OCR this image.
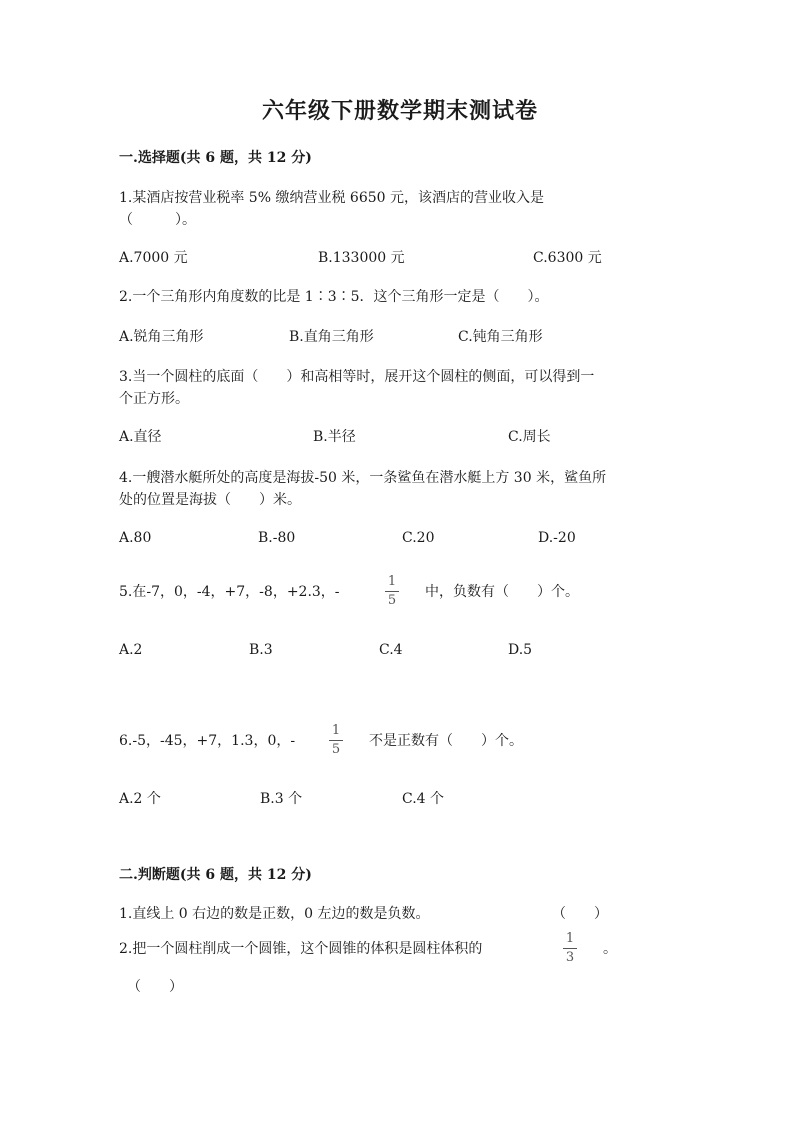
六年级下册数学期末测试卷
一.选择题(共 6 题，共 12 分)
1.某酒店按营业税率 5% 缴纳营业税 6650 元，该酒店的营业收入是
（　　　）。
A.7000 元	B.133000 元	C.6300 元
2.一个三角形内角度数的比是 1∶3∶5．这个三角形一定是（　　）。
A.锐角三角形	B.直角三角形	C.钝角三角形
3.当一个圆柱的底面（　　）和高相等时，展开这个圆柱的侧面，可以得到一
个正方形。
A.直径	B.半径	C.周长
4.一艘潜水艇所处的高度是海拔-50 米，一条鲨鱼在潜水艇上方 30 米，鲨鱼所
处的位置是海拔（　　）米。
A.80	B.-80	C.20	D.-20
5.在-7，0，-4，+7，-8，+2.3，-
1
5
中，负数有（　　）个。
A.2	B.3	C.4	D.5
6.-5，-45，+7，1.3，0，-
1
5
不是正数有（　　）个。
A.2 个	B.3 个	C.4 个
二.判断题(共 6 题，共 12 分)
1.直线上 0 右边的数是正数，0 左边的数是负数。	（　　）
2.把一个圆柱削成一个圆锥，这个圆锥的体积是圆柱体积的
1
3
。
（　　）
